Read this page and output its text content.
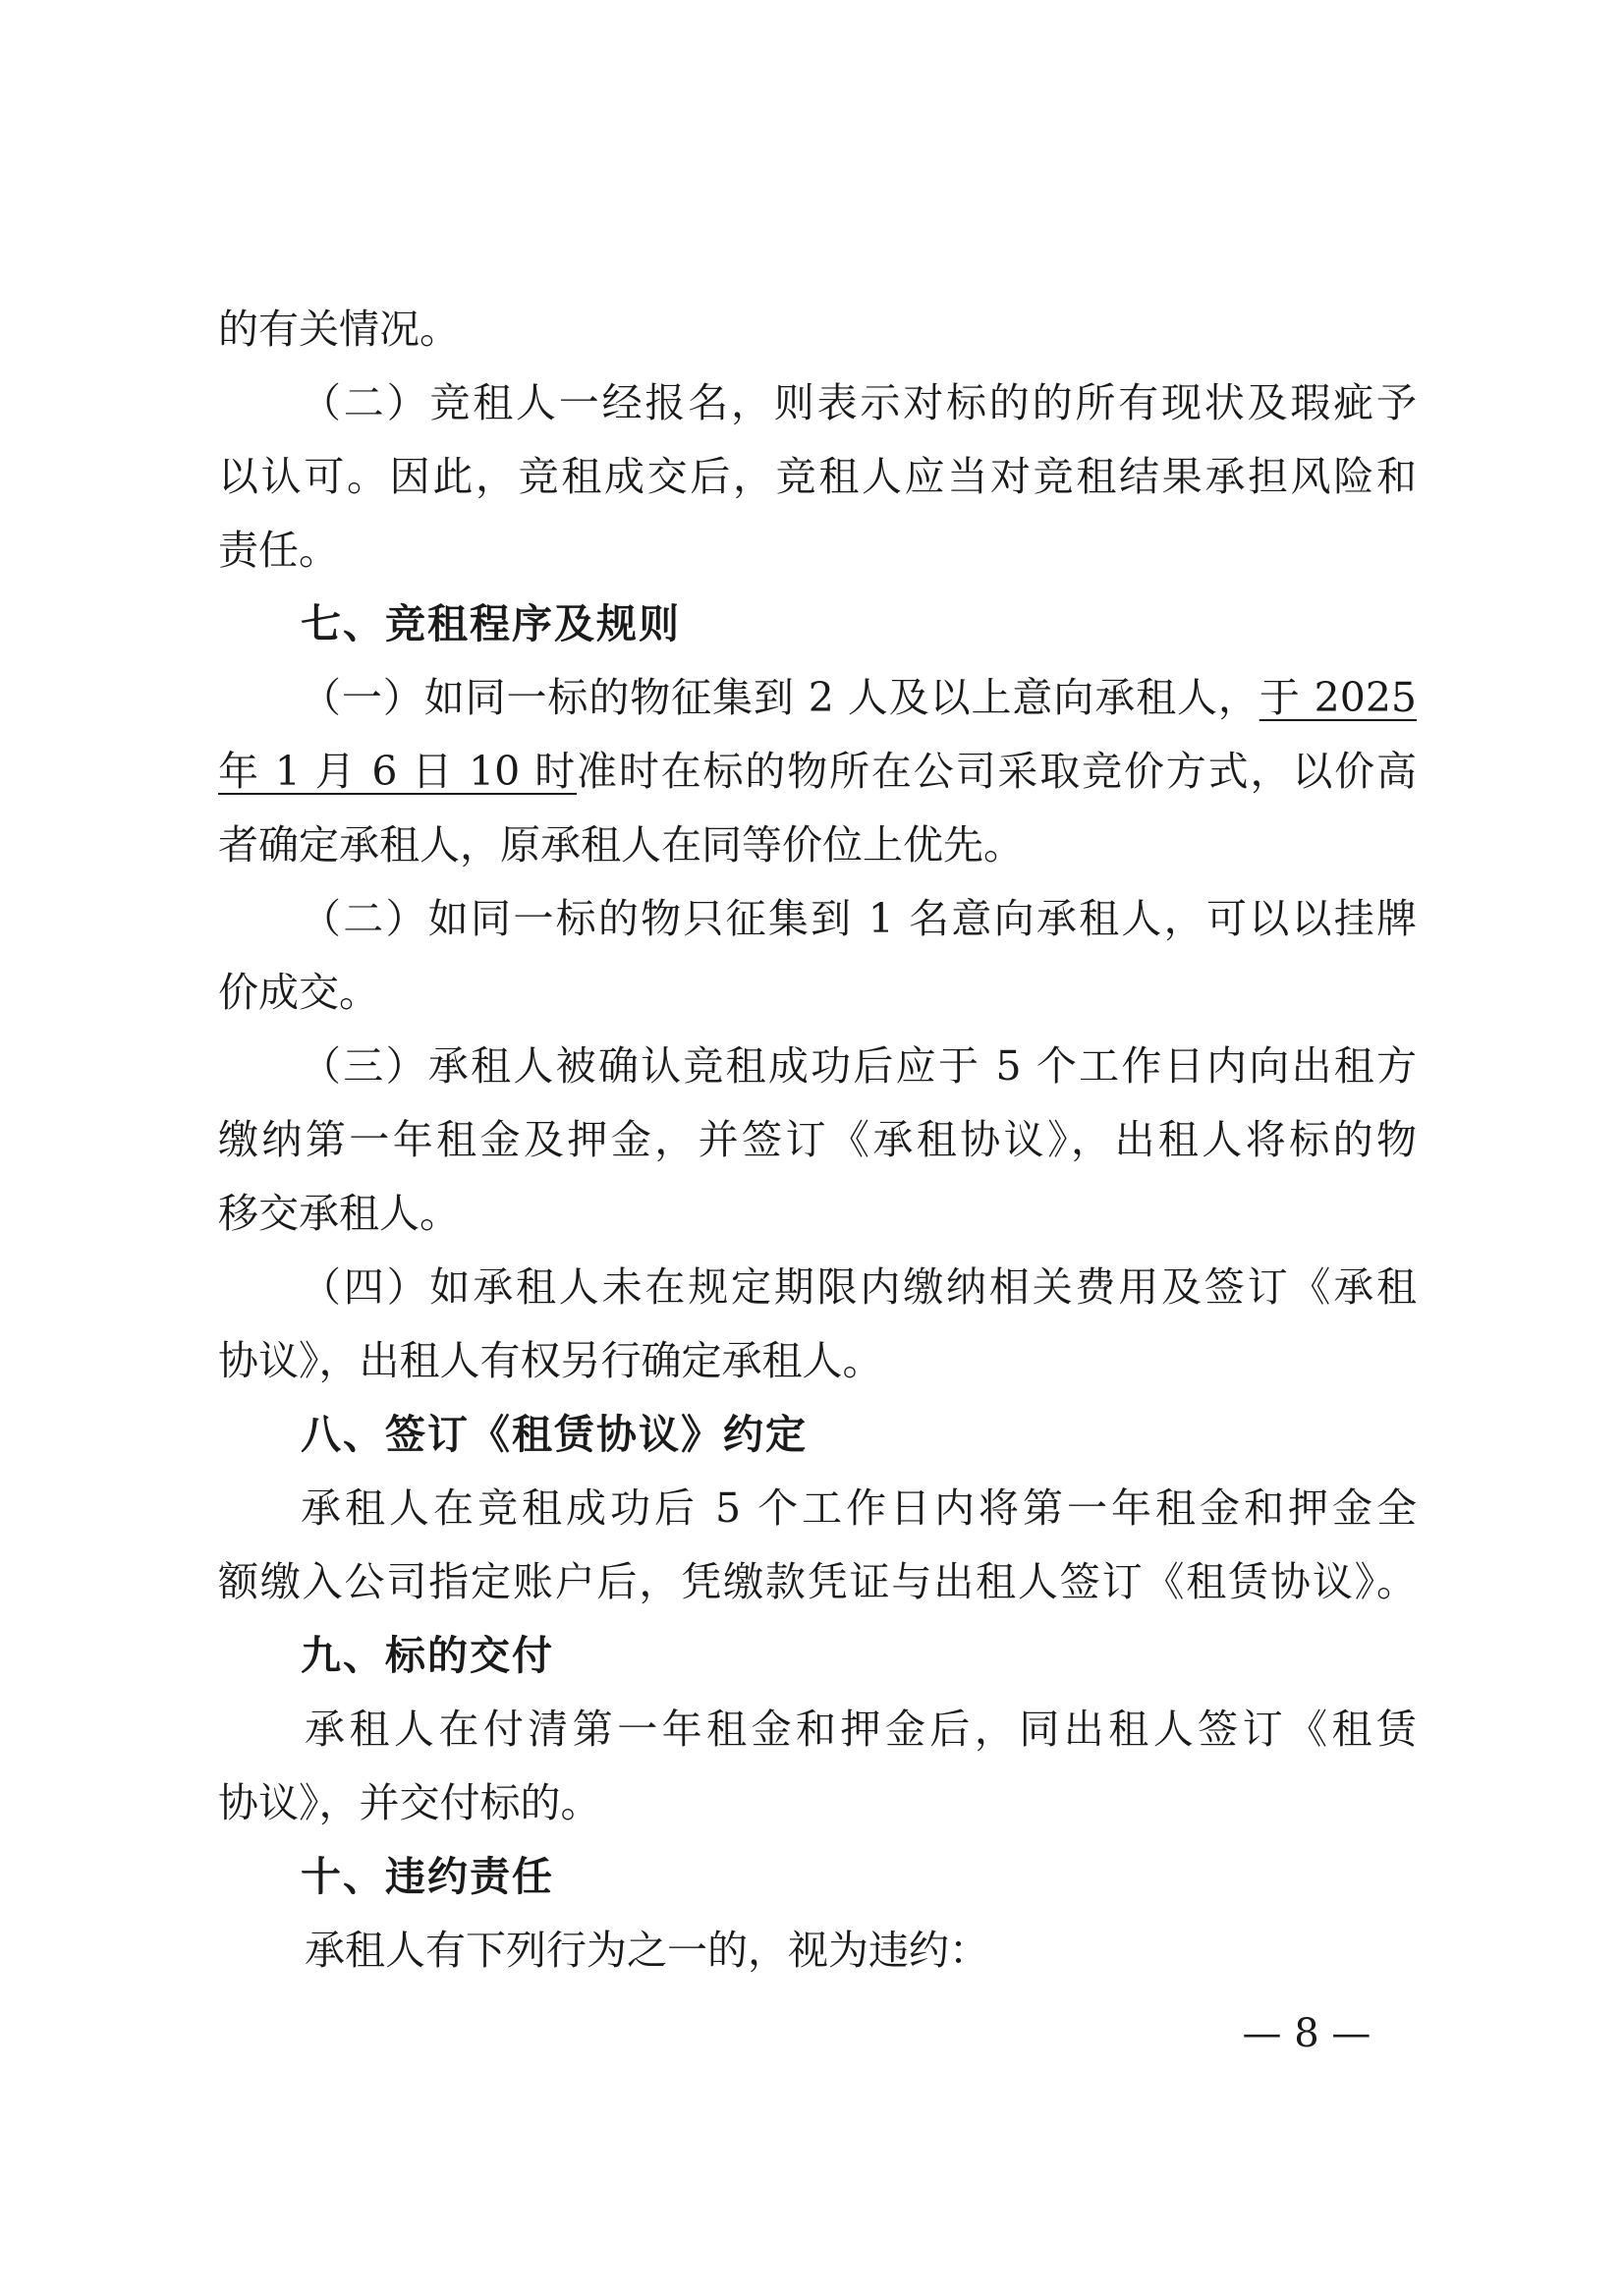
的有关情况。
（二）竞租人一经报名，则表示对标的的所有现状及瑕疵予
以认可。因此，竞租成交后，竞租人应当对竞租结果承担风险和
责任。
七、竞租程序及规则
（一）如同一标的物征集到 2 人及以上意向承租人，于 2025
年 1 月 6 日 10 时准时在标的物所在公司采取竞价方式，以价高
者确定承租人，原承租人在同等价位上优先。
（二）如同一标的物只征集到 1 名意向承租人，可以以挂牌
价成交。
（三）承租人被确认竞租成功后应于 5 个工作日内向出租方
缴纳第一年租金及押金，并签订《承租协议》，出租人将标的物
移交承租人。
（四）如承租人未在规定期限内缴纳相关费用及签订《承租
协议》，出租人有权另行确定承租人。
八、签订《租赁协议》约定
承租人在竞租成功后 5 个工作日内将第一年租金和押金全
额缴入公司指定账户后，凭缴款凭证与出租人签订《租赁协议》。
九、标的交付
承租人在付清第一年租金和押金后，同出租人签订《租赁
协议》，并交付标的。
十、违约责任
承租人有下列行为之一的，视为违约：
— 8 —
